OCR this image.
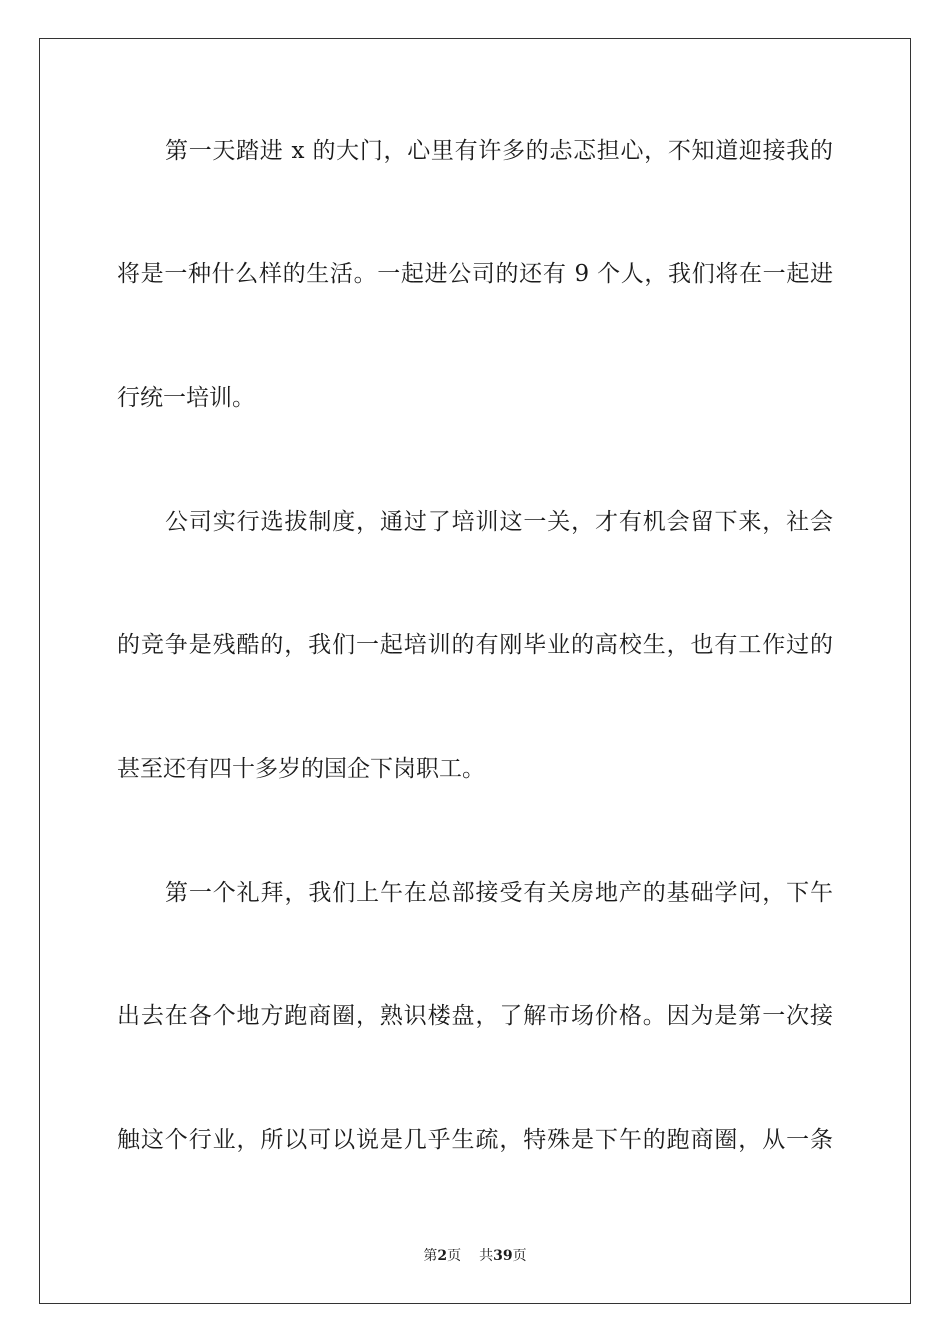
第一天踏进 x 的大门，心里有许多的忐忑担心，不知道迎接我的
将是一种什么样的生活。一起进公司的还有 9 个人，我们将在一起进
行统一培训。
公司实行选拔制度，通过了培训这一关，才有机会留下来，社会
的竞争是残酷的，我们一起培训的有刚毕业的高校生，也有工作过的
甚至还有四十多岁的国企下岗职工。
第一个礼拜，我们上午在总部接受有关房地产的基础学问，下午
出去在各个地方跑商圈，熟识楼盘，了解市场价格。因为是第一次接
触这个行业，所以可以说是几乎生疏，特殊是下午的跑商圈，从一条
第2页 共39页
